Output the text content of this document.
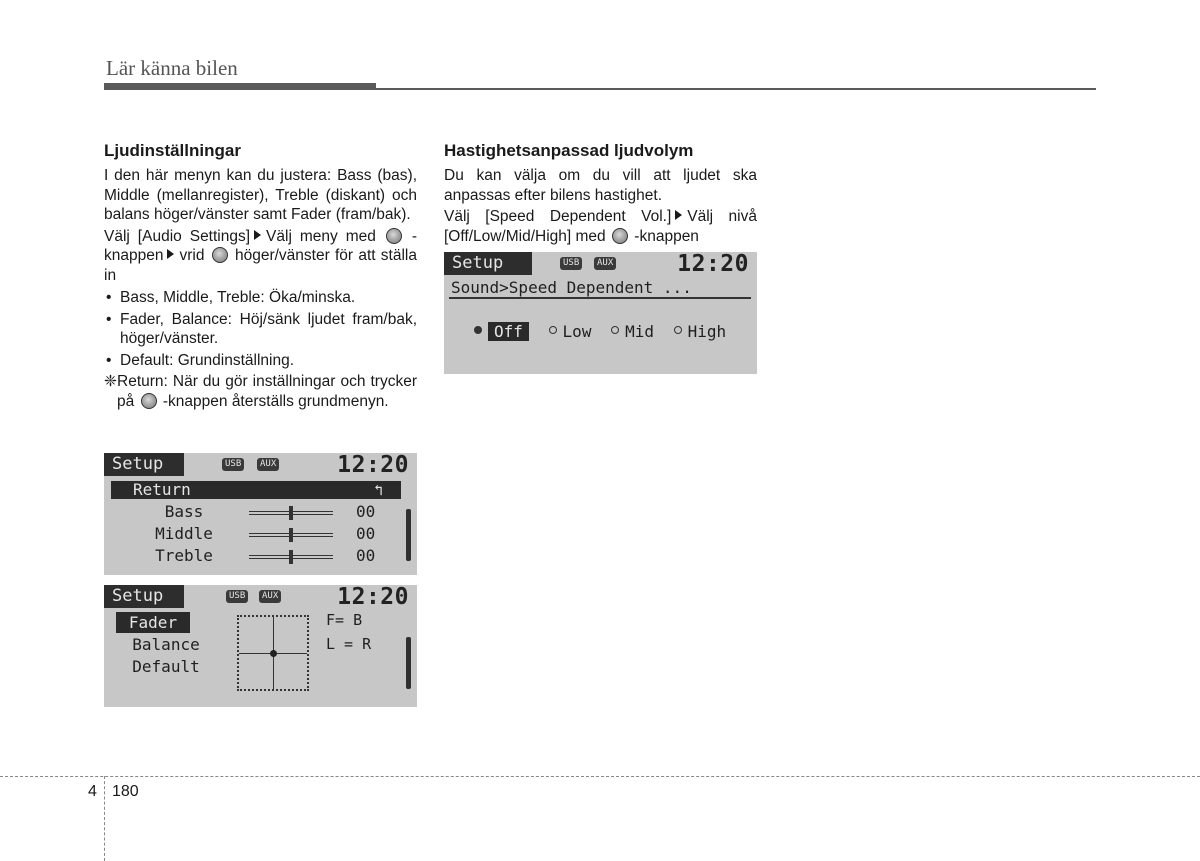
Lär känna bilen
Ljudinställningar

I den här menyn kan du justera: Bass (bas), Middle (mellanregister), Treble (diskant) och balans höger/vänster samt Fader (fram/bak).

Välj [Audio Settings] Välj meny med -knappen vrid höger/vänster för att ställa in

• Bass, Middle, Treble: Öka/minska.
• Fader, Balance: Höj/sänk ljudet fram/bak, höger/vänster.
• Default: Grundinställning.

❈ Return: När du gör inställningar och trycker på -knappen återställs grundmenyn.

Setup	USB	AUX	12:20
Return	↰
Bass	00
Middle	00
Treble	00
Setup	USB	AUX	12:20
Fader
Balance
Default
F= B
L = R
Hastighetsanpassad ljudvolym

Du kan välja om du vill att ljudet ska anpassas efter bilens hastighet.

Välj [Speed Dependent Vol.] Välj nivå [Off/Low/Mid/High] med -knappen

Setup	USB	AUX	12:20
Sound>Speed Dependent ...
Off Low Mid High
4 180
